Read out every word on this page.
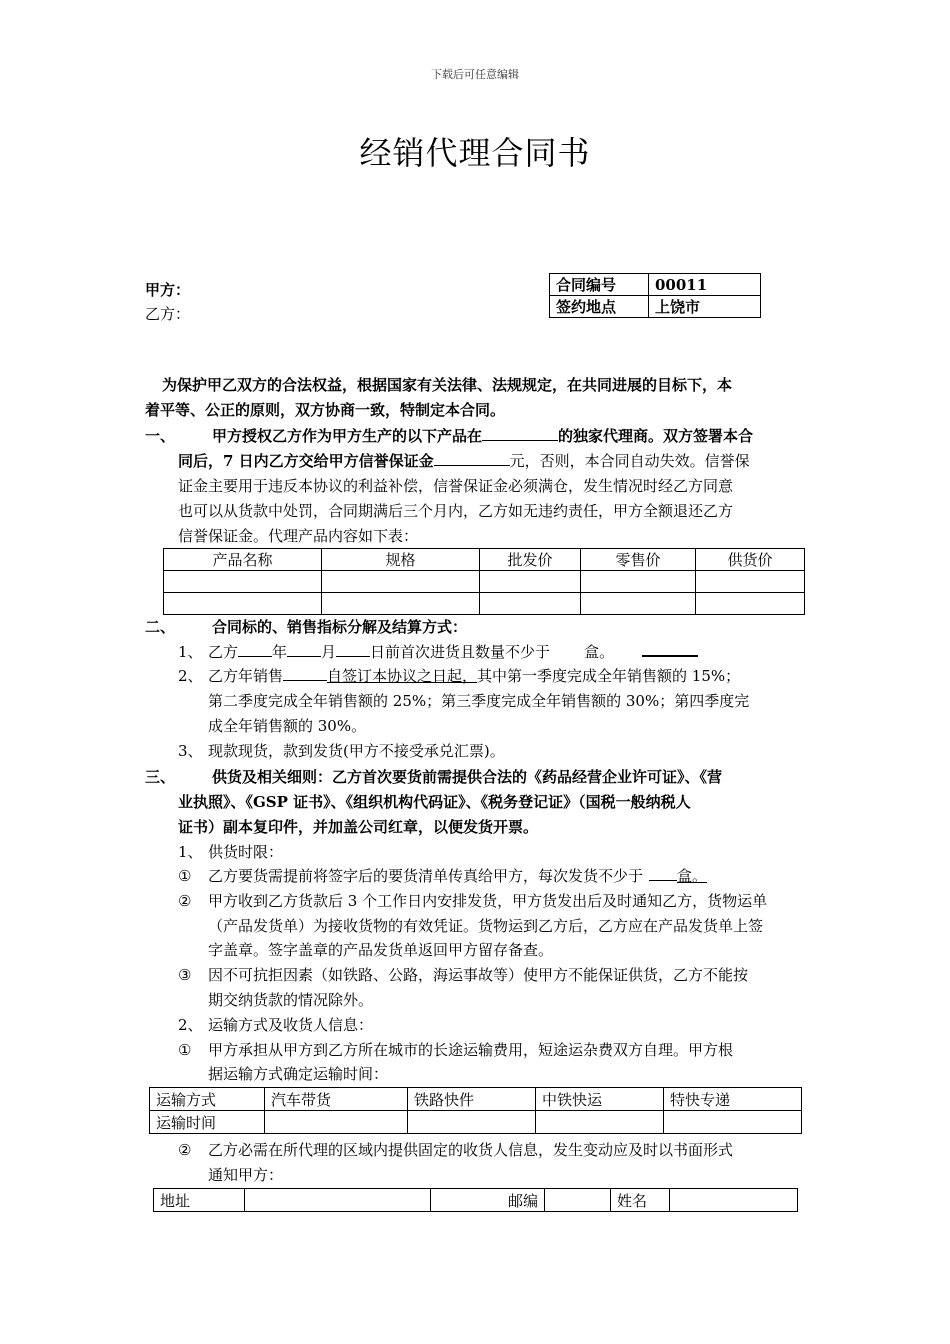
下载后可任意编辑
经销代理合同书
甲方：
乙方：
合同编号	00011
签约地点	上饶市
为保护甲乙双方的合法权益，根据国家有关法律、法规规定，在共同进展的目标下，本
着平等、公正的原则，双方协商一致，特制定本合同。
一、 甲方授权乙方作为甲方生产的以下产品在	的独家代理商。双方签署本合
同后，7 日内乙方交给甲方信誉保证金	元，否则，本合同自动失效。信誉保
证金主要用于违反本协议的利益补偿，信誉保证金必须满仓，发生情况时经乙方同意
也可以从货款中处罚，合同期满后三个月内，乙方如无违约责任，甲方全额退还乙方
信誉保证金。代理产品内容如下表：
产品名称	规格	批发价	零售价	供货价

二、 合同标的、销售指标分解及结算方式：
1、 乙方 年 月 日前首次进货且数量不少于 盒。
2、 乙方年销售	自签订本协议之日起，其中第一季度完成全年销售额的 15%；
第二季度完成全年销售额的 25%；第三季度完成全年销售额的 30%；第四季度完
成全年销售额的 30%。
3、 现款现货，款到发货(甲方不接受承兑汇票)。
三、 供货及相关细则：乙方首次要货前需提供合法的《药品经营企业许可证》、《营
业执照》、《GSP 证书》、《组织机构代码证》、《税务登记证》（国税一般纳税人
证书）副本复印件，并加盖公司红章，以便发货开票。
1、 供货时限：
① 乙方要货需提前将签字后的要货清单传真给甲方，每次发货不少于 盒。
② 甲方收到乙方货款后 3 个工作日内安排发货，甲方货发出后及时通知乙方，货物运单
（产品发货单）为接收货物的有效凭证。货物运到乙方后，乙方应在产品发货单上签
字盖章。签字盖章的产品发货单返回甲方留存备查。
③ 因不可抗拒因素（如铁路、公路，海运事故等）使甲方不能保证供货，乙方不能按
期交纳货款的情况除外。
2、 运输方式及收货人信息：
① 甲方承担从甲方到乙方所在城市的长途运输费用，短途运杂费双方自理。甲方根
据运输方式确定运输时间：
运输方式	汽车带货	铁路快件	中铁快运	特快专递
运输时间				
② 乙方必需在所代理的区域内提供固定的收货人信息，发生变动应及时以书面形式
通知甲方：
地址		邮编		姓名	
